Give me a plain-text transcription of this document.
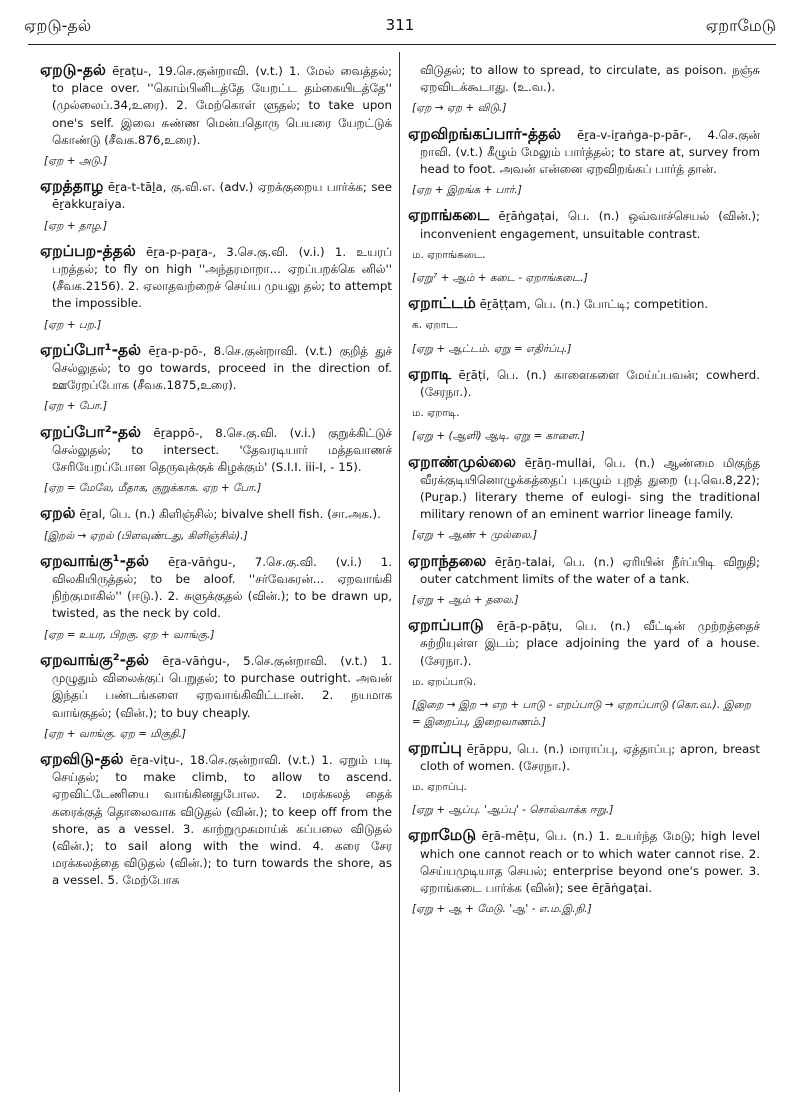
ஏறடு-தல்	311	ஏறாமேடு
ஏறடு-தல் ēṟaṭu-, 19.செ.குன்றாவி. (v.t.) 1. மேல் வைத்தல்; to place over. ''கொம்பினிடத்தே யேறட்ட தம்கையிடத்தே'' (முல்லைப்.34,உரை). 2. மேற்கொள் ளுதல்; to take upon one's self. இவை சுண்ண மென்பதொரு பெயரை யேறட்டுக் கொண்டு (சீவக.876,உரை).
[ஏற + அடு.]
ஏறத்தாழ ēṟa-t-tāḻa, கு.வி.எ. (adv.) ஏறக்குறைய பார்க்க; see ēṟakkuṟaiya.
[ஏற + தாழ.]
ஏறப்பற-த்தல் ēṟa-p-paṟa-, 3.செ.கு.வி. (v.i.) 1. உயரப் பறத்தல்; to fly on high ''அந்தரமாறா... ஏறப்பறக்கெ னில்'' (சீவக.2156). 2. ஏலாதவற்றைச் செய்ய முயலு தல்; to attempt the impossible.
[ஏற + பற.]
ஏறப்போ¹-தல் ēṟa-p-pō-, 8.செ.குன்றாவி. (v.t.) குறித் துச் செல்லுதல்; to go towards, proceed in the direction of. ஊரேறப்போக (சீவக.1875,உரை).
[ஏற + போ.]
ஏறப்போ²-தல் ēṟappō-, 8.செ.கு.வி. (v.i.) குறுக்கிட்டுச் செல்லுதல்; to intersect. 'தேவரடியார் மத்தவாணச் சேரியேறப்போன தெருவுக்குக் கிழக்கும்' (S.I.I. iii-I, - 15).
[ஏற = மேலே, மீதாக, குறுக்காக. ஏற + போ.]
ஏறல் ēṟal, பெ. (n.) கிளிஞ்சில்; bivalve shell fish. (சா.அக.).
[இறல் → ஏறல் (பிளவுண்டது, கிளிஞ்சில்).]
ஏறவாங்கு¹-தல் ēṟa-vāṅgu-, 7.செ.கு.வி. (v.i.) 1. விலகியிருத்தல்; to be aloof. ''சர்வேசுரன்... ஏறவாங்கி நிற்குமாகில்'' (ஈடு.). 2. சுளுக்குதல் (வின்.); to be drawn up, twisted, as the neck by cold.
[ஏற = உயர, பிறகு. ஏற + வாங்கு.]
ஏறவாங்கு²-தல் ēṟa-vāṅgu-, 5.செ.குன்றாவி. (v.t.) 1. முழுதும் விலைக்குப் பெறுதல்; to purchase outright. அவன் இந்தப் பண்டங்களை ஏறவாங்கிவிட்டான். 2. நயமாக வாங்குதல்; (வின்.); to buy cheaply.
[ஏற + வாங்கு. ஏற = மிகுதி.]
ஏறவிடு-தல் ēṟa-viṭu-, 18.செ.குன்றாவி. (v.t.) 1. ஏறும் படி செய்தல்; to make climb, to allow to ascend. ஏறவிட்டேணியை வாங்கினதுபோல. 2. மரக்கலத் தைக் கரைக்குத் தொலைவாக விடுதல் (வின்.); to keep off from the shore, as a vessel. 3. காற்றுமுகமாய்க் கப்பலை விடுதல் (வின்.); to sail along with the wind. 4. கரை சேர மரக்கலத்தை விடுதல் (வின்.); to turn towards the shore, as a vessel. 5. மேற்போக
விடுதல்; to allow to spread, to circulate, as poison. நஞ்சு ஏறவிடக்கூடாது. (உ.வ.).
[ஏற → ஏற + விடு.]
ஏறவிறங்கப்பார்-த்தல் ēṟa-v-iṟaṅga-p-pār-, 4.செ.குன் றாவி. (v.t.) கீழும் மேலும் பார்த்தல்; to stare at, survey from head to foot. அவன் என்னை ஏறவிறங்கப் பார்த் தான்.
[ஏற + இறங்க + பார்.]
ஏறாங்கடை ēṟāṅgaṭai, பெ. (n.) ஒவ்வாச்செயல் (வின்.); inconvenient engagement, unsuitable contrast.
ம. ஏறாங்கடை.
[ஏறு⁷ + ஆம் + கடை - ஏறாங்கடை.]
ஏறாட்டம் ēṟāṭṭam, பெ. (n.) போட்டி; competition.
க. ஏறாட.
[ஏறு + ஆட்டம். ஏறு = எதிர்ப்பு.]
ஏறாடி ēṟāṭi, பெ. (n.) காளைகளை மேய்ப்பவன்; cowherd. (சேரநா.).
ம. ஏறாடி.
[ஏறு + (ஆளி) ஆடி. ஏறு = காளை.]
ஏறாண்முல்லை ēṟāṉ-mullai, பெ. (n.) ஆண்மை மிகுந்த வீரக்குடியினொழுக்கத்தைப் புகழும் புறத் துறை (பு.வெ.8,22); (Puṟap.) literary theme of eulogi- sing the traditional military renown of an eminent warrior lineage family.
[ஏறு + ஆண் + முல்லை.]
ஏறாந்தலை ēṟāṉ-talai, பெ. (n.) ஏரியின் நீர்ப்பிடி விறுதி; outer catchment limits of the water of a tank.
[ஏறு + ஆம் + தலை.]
ஏறாப்பாடு ēṟā-p-pāṭu, பெ. (n.) வீட்டின் முற்றத்தைச் சுற்றியுள்ள இடம்; place adjoining the yard of a house. (சேரநா.).
ம. ஏறப்பாடு.
[இறை → இற → எற + பாடு - எறப்பாடு → ஏறாப்பாடு (கொ.வ.). இறை = இறைப்பு, இறைவாணம்.]
ஏறாப்பு ēṟāppu, பெ. (n.) மாராப்பு, ஏத்தாப்பு; apron, breast cloth of women. (சேரநா.).
ம. ஏறாப்பு.
[ஏறு + ஆப்பு. 'ஆப்பு' - சொல்வாக்க ஈறு.]
ஏறாமேடு ēṟā-mēṭu, பெ. (n.) 1. உயர்ந்த மேடு; high level which one cannot reach or to which water cannot rise. 2. செய்யமுடியாத செயல்; enterprise beyond one's power. 3. ஏறாங்கடை பார்க்க (வின்); see ēṟāṅgaṭai.
[ஏறு + ஆ + மேடு. 'ஆ' - எ.ம.இ.நி.]
